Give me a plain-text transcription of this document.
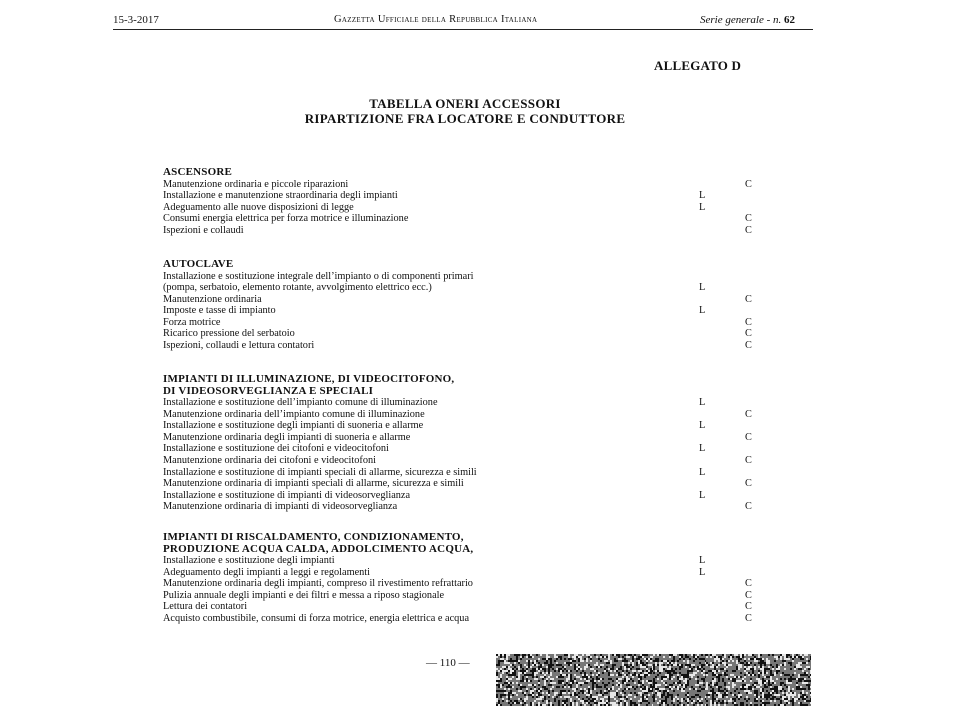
15-3-2017	Gazzetta Ufficiale della Repubblica Italiana	Serie generale - n. 62
ALLEGATO D
TABELLA ONERI ACCESSORI
RIPARTIZIONE FRA LOCATORE E CONDUTTORE
ASCENSORE
Manutenzione ordinaria e piccole riparazioni	C
Installazione e manutenzione straordinaria degli impianti	L
Adeguamento alle nuove disposizioni di legge	L
Consumi energia elettrica per forza motrice e illuminazione	C
Ispezioni e collaudi	C
AUTOCLAVE
Installazione e sostituzione integrale dell’impianto o di componenti primari
(pompa, serbatoio, elemento rotante, avvolgimento elettrico ecc.)	L
Manutenzione ordinaria	C
Imposte e tasse di impianto	L
Forza motrice	C
Ricarico pressione del serbatoio	C
Ispezioni, collaudi e lettura contatori	C
IMPIANTI DI ILLUMINAZIONE, DI VIDEOCITOFONO,
DI VIDEOSORVEGLIANZA E SPECIALI
Installazione e sostituzione dell’impianto comune di illuminazione	L
Manutenzione ordinaria dell’impianto comune di illuminazione	C
Installazione e sostituzione degli impianti di suoneria e allarme	L
Manutenzione ordinaria degli impianti di suoneria e allarme	C
Installazione e sostituzione dei citofoni e videocitofoni	L
Manutenzione ordinaria dei citofoni e videocitofoni	C
Installazione e sostituzione di impianti speciali di allarme, sicurezza e simili	L
Manutenzione ordinaria di impianti speciali di allarme, sicurezza e simili	C
Installazione e sostituzione di impianti di videosorveglianza	L
Manutenzione ordinaria di impianti di videosorveglianza	C
IMPIANTI DI RISCALDAMENTO, CONDIZIONAMENTO,
PRODUZIONE ACQUA CALDA, ADDOLCIMENTO ACQUA,
Installazione e sostituzione degli impianti	L
Adeguamento degli impianti a leggi e regolamenti	L
Manutenzione ordinaria degli impianti, compreso il rivestimento refrattario	C
Pulizia annuale degli impianti e dei filtri e messa a riposo stagionale	C
Lettura dei contatori	C
Acquisto combustibile, consumi di forza motrice, energia elettrica e acqua	C
— 110 —
